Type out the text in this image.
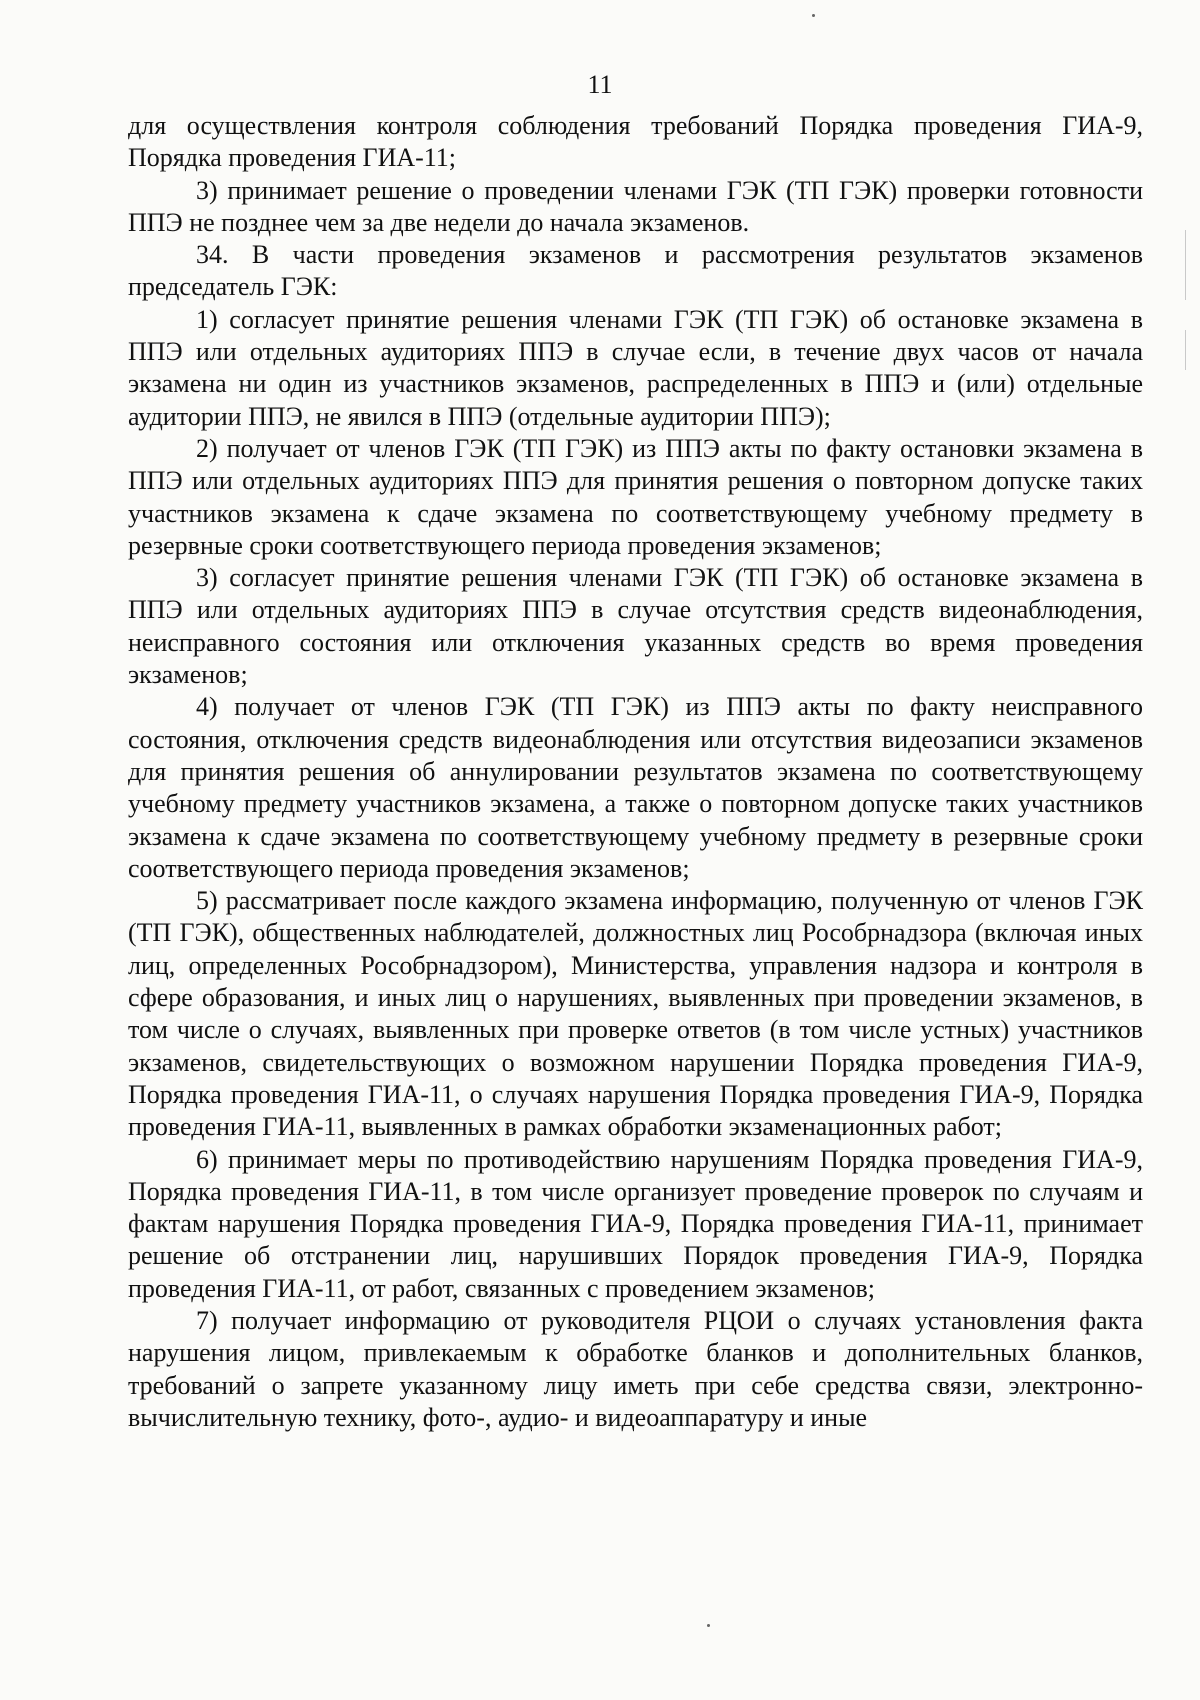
11

для осуществления контроля соблюдения требований Порядка проведения ГИА-9, Порядка проведения ГИА-11;

3) принимает решение о проведении членами ГЭК (ТП ГЭК) проверки готовности ППЭ не позднее чем за две недели до начала экзаменов.

34. В части проведения экзаменов и рассмотрения результатов экзаменов председатель ГЭК:

1) согласует принятие решения членами ГЭК (ТП ГЭК) об остановке экзамена в ППЭ или отдельных аудиториях ППЭ в случае если, в течение двух часов от начала экзамена ни один из участников экзаменов, распределенных в ППЭ и (или) отдельные аудитории ППЭ, не явился в ППЭ (отдельные аудитории ППЭ);

2) получает от членов ГЭК (ТП ГЭК) из ППЭ акты по факту остановки экзамена в ППЭ или отдельных аудиториях ППЭ для принятия решения о повторном допуске таких участников экзамена к сдаче экзамена по соответствующему учебному предмету в резервные сроки соответствующего периода проведения экзаменов;

3) согласует принятие решения членами ГЭК (ТП ГЭК) об остановке экзамена в ППЭ или отдельных аудиториях ППЭ в случае отсутствия средств видеонаблюдения, неисправного состояния или отключения указанных средств во время проведения экзаменов;

4) получает от членов ГЭК (ТП ГЭК) из ППЭ акты по факту неисправного состояния, отключения средств видеонаблюдения или отсутствия видеозаписи экзаменов для принятия решения об аннулировании результатов экзамена по соответствующему учебному предмету участников экзамена, а также о повторном допуске таких участников экзамена к сдаче экзамена по соответствующему учебному предмету в резервные сроки соответствующего периода проведения экзаменов;

5) рассматривает после каждого экзамена информацию, полученную от членов ГЭК (ТП ГЭК), общественных наблюдателей, должностных лиц Рособрнадзора (включая иных лиц, определенных Рособрнадзором), Министерства, управления надзора и контроля в сфере образования, и иных лиц о нарушениях, выявленных при проведении экзаменов, в том числе о случаях, выявленных при проверке ответов (в том числе устных) участников экзаменов, свидетельствующих о возможном нарушении Порядка проведения ГИА-9, Порядка проведения ГИА-11, о случаях нарушения Порядка проведения ГИА-9, Порядка проведения ГИА-11, выявленных в рамках обработки экзаменационных работ;

6) принимает меры по противодействию нарушениям Порядка проведения ГИА-9, Порядка проведения ГИА-11, в том числе организует проведение проверок по случаям и фактам нарушения Порядка проведения ГИА-9, Порядка проведения ГИА-11, принимает решение об отстранении лиц, нарушивших Порядок проведения ГИА-9, Порядка проведения ГИА-11, от работ, связанных с проведением экзаменов;

7) получает информацию от руководителя РЦОИ о случаях установления факта нарушения лицом, привлекаемым к обработке бланков и дополнительных бланков, требований о запрете указанному лицу иметь при себе средства связи, электронно-вычислительную технику, фото-, аудио- и видеоаппаратуру и иные
